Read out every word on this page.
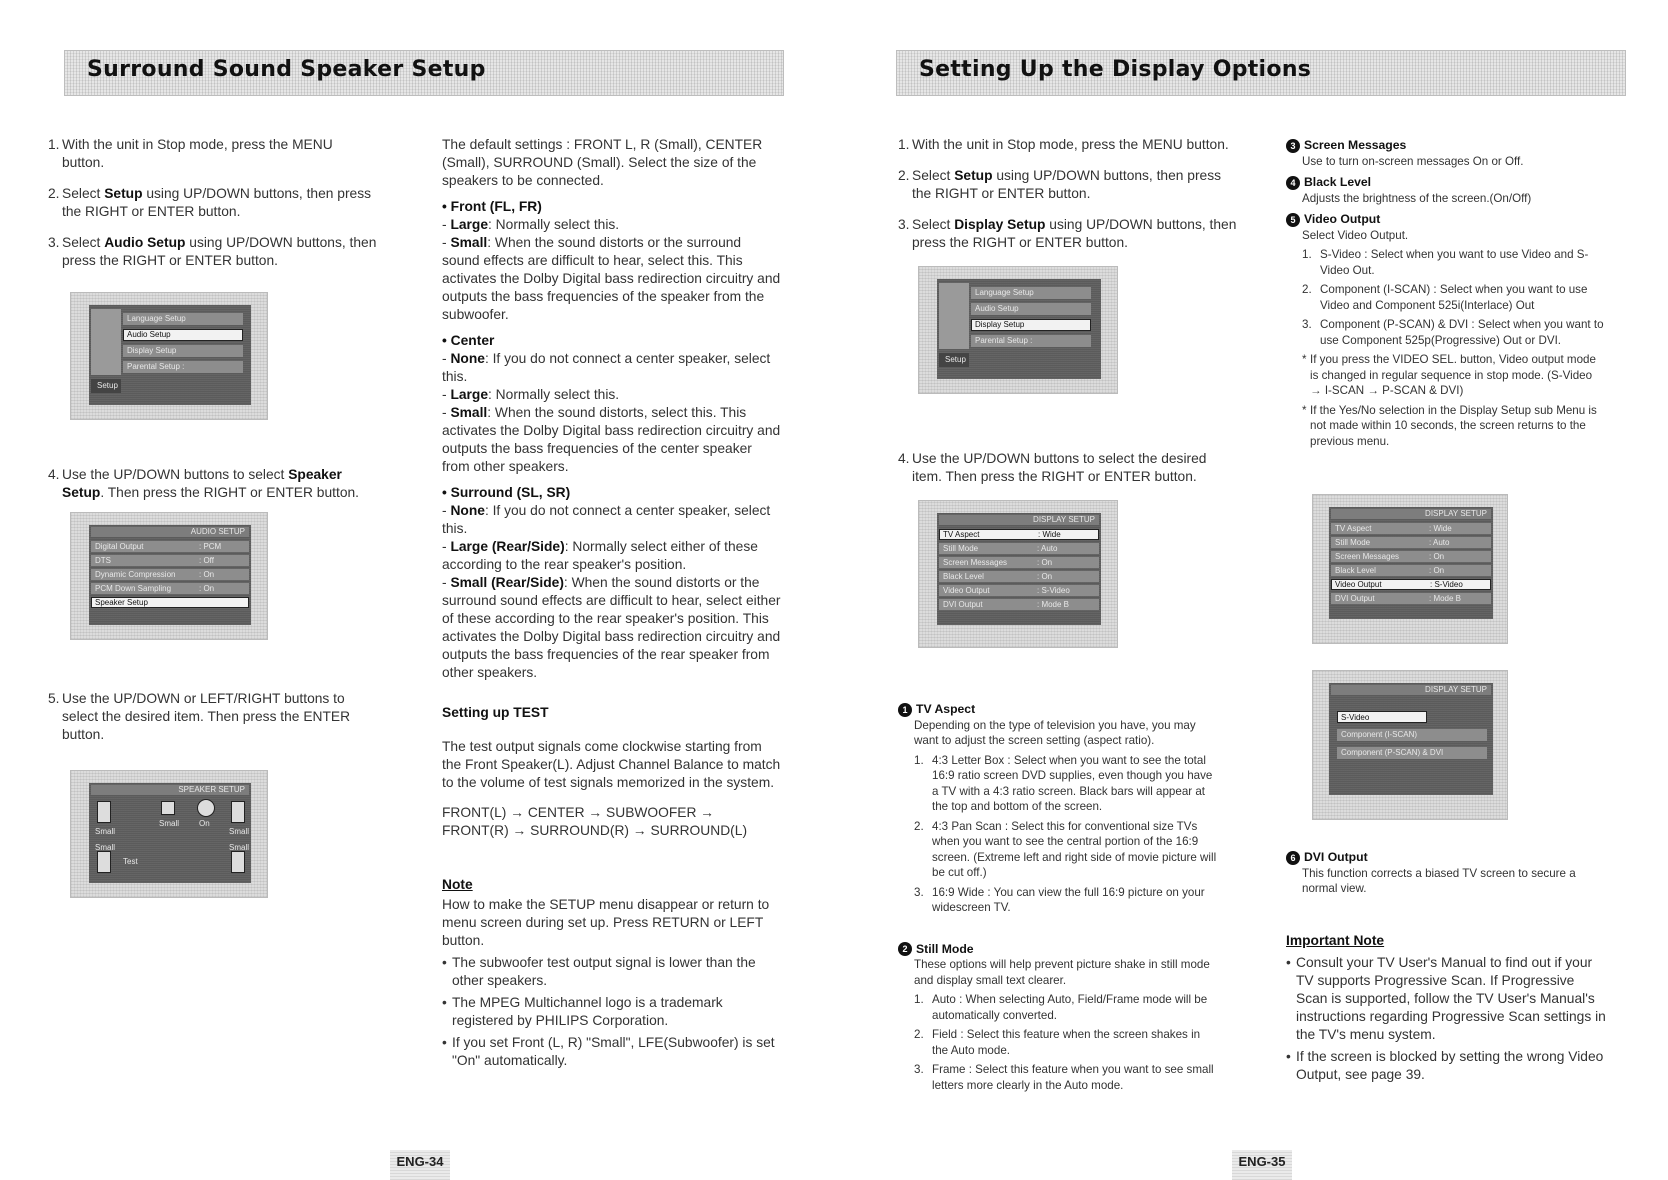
Surround Sound Speaker Setup
1. With the unit in Stop mode, press the MENU button.
2. Select Setup using UP/DOWN buttons, then press the RIGHT or ENTER button.
3. Select Audio Setup using UP/DOWN buttons, then press the RIGHT or ENTER button.
Language Setup
Audio Setup
Display Setup
Parental Setup :
Setup
4. Use the UP/DOWN buttons to select Speaker Setup. Then press the RIGHT or ENTER button.
AUDIO SETUP
Digital Output	: PCM
DTS	: Off
Dynamic Compression	: On
PCM Down Sampling	: On
Speaker Setup
5. Use the UP/DOWN or LEFT/RIGHT buttons to select the desired item. Then press the ENTER button.
SPEAKER SETUP
Small
Small On
Small
Small
Test
Small

The default settings : FRONT L, R (Small), CENTER (Small), SURROUND (Small). Select the size of the speakers to be connected.

• Front (FL, FR)
- Large: Normally select this.
- Small: When the sound distorts or the surround sound effects are difficult to hear, select this. This activates the Dolby Digital bass redirection circuitry and outputs the bass frequencies of the speaker from the subwoofer.
• Center
- None: If you do not connect a center speaker, select this.
- Large: Normally select this.
- Small: When the sound distorts, select this. This activates the Dolby Digital bass redirection circuitry and outputs the bass frequencies of the center speaker from other speakers.
• Surround (SL, SR)
- None: If you do not connect a center speaker, select this.
- Large (Rear/Side): Normally select either of these according to the rear speaker's position.
- Small (Rear/Side): When the sound distorts or the surround sound effects are difficult to hear, select either of these according to the rear speaker's position. This activates the Dolby Digital bass redirection circuitry and outputs the bass frequencies of the rear speaker from other speakers.
Setting up TEST

The test output signals come clockwise starting from the Front Speaker(L). Adjust Channel Balance to match to the volume of test signals memorized in the system.

FRONT(L) → CENTER → SUBWOOFER →
FRONT(R) → SURROUND(R) → SURROUND(L)
Note

How to make the SETUP menu disappear or return to menu screen during set up. Press RETURN or LEFT button.

• The subwoofer test output signal is lower than the other speakers.
• The MPEG Multichannel logo is a trademark registered by PHILIPS Corporation.
• If you set Front (L, R) "Small", LFE(Subwoofer) is set "On" automatically.
ENG-34
Setting Up the Display Options
1. With the unit in Stop mode, press the MENU button.
2. Select Setup using UP/DOWN buttons, then press the RIGHT or ENTER button.
3. Select Display Setup using UP/DOWN buttons, then press the RIGHT or ENTER button.
Language Setup
Audio Setup
Display Setup
Parental Setup :
Setup
4. Use the UP/DOWN buttons to select the desired item. Then press the RIGHT or ENTER button.
DISPLAY SETUP
TV Aspect	: Wide
Still Mode	: Auto
Screen Messages	: On
Black Level	: On
Video Output	: S-Video
DVI Output	: Mode B
1 TV Aspect

Depending on the type of television you have, you may want to adjust the screen setting (aspect ratio).

1. 4:3 Letter Box : Select when you want to see the total 16:9 ratio screen DVD supplies, even though you have a TV with a 4:3 ratio screen. Black bars will appear at the top and bottom of the screen.
2. 4:3 Pan Scan : Select this for conventional size TVs when you want to see the central portion of the 16:9 screen. (Extreme left and right side of movie picture will be cut off.)
3. 16:9 Wide : You can view the full 16:9 picture on your widescreen TV.
2 Still Mode

These options will help prevent picture shake in still mode and display small text clearer.

1. Auto : When selecting Auto, Field/Frame mode will be automatically converted.
2. Field : Select this feature when the screen shakes in the Auto mode.
3. Frame : Select this feature when you want to see small letters more clearly in the Auto mode.
3 Screen Messages

Use to turn on-screen messages On or Off.

4 Black Level

Adjusts the brightness of the screen.(On/Off)

5 Video Output

Select Video Output.

1. S-Video : Select when you want to use Video and S-Video Out.
2. Component (I-SCAN) : Select when you want to use Video and Component 525i(Interlace) Out
3. Component (P-SCAN) & DVI : Select when you want to use Component 525p(Progressive) Out or DVI.
* If you press the VIDEO SEL. button, Video output mode is changed in regular sequence in stop mode. (S-Video → I-SCAN → P-SCAN & DVI)
* If the Yes/No selection in the Display Setup sub Menu is not made within 10 seconds, the screen returns to the previous menu.
DISPLAY SETUP
TV Aspect	: Wide
Still Mode	: Auto
Screen Messages	: On
Black Level	: On
Video Output	: S-Video
DVI Output	: Mode B
DISPLAY SETUP
S-Video
Component (I-SCAN)
Component (P-SCAN) & DVI
6 DVI Output

This function corrects a biased TV screen to secure a normal view.

Important Note
• Consult your TV User's Manual to find out if your TV supports Progressive Scan. If Progressive Scan is supported, follow the TV User's Manual's instructions regarding Progressive Scan settings in the TV's menu system.
• If the screen is blocked by setting the wrong Video Output, see page 39.
ENG-35
